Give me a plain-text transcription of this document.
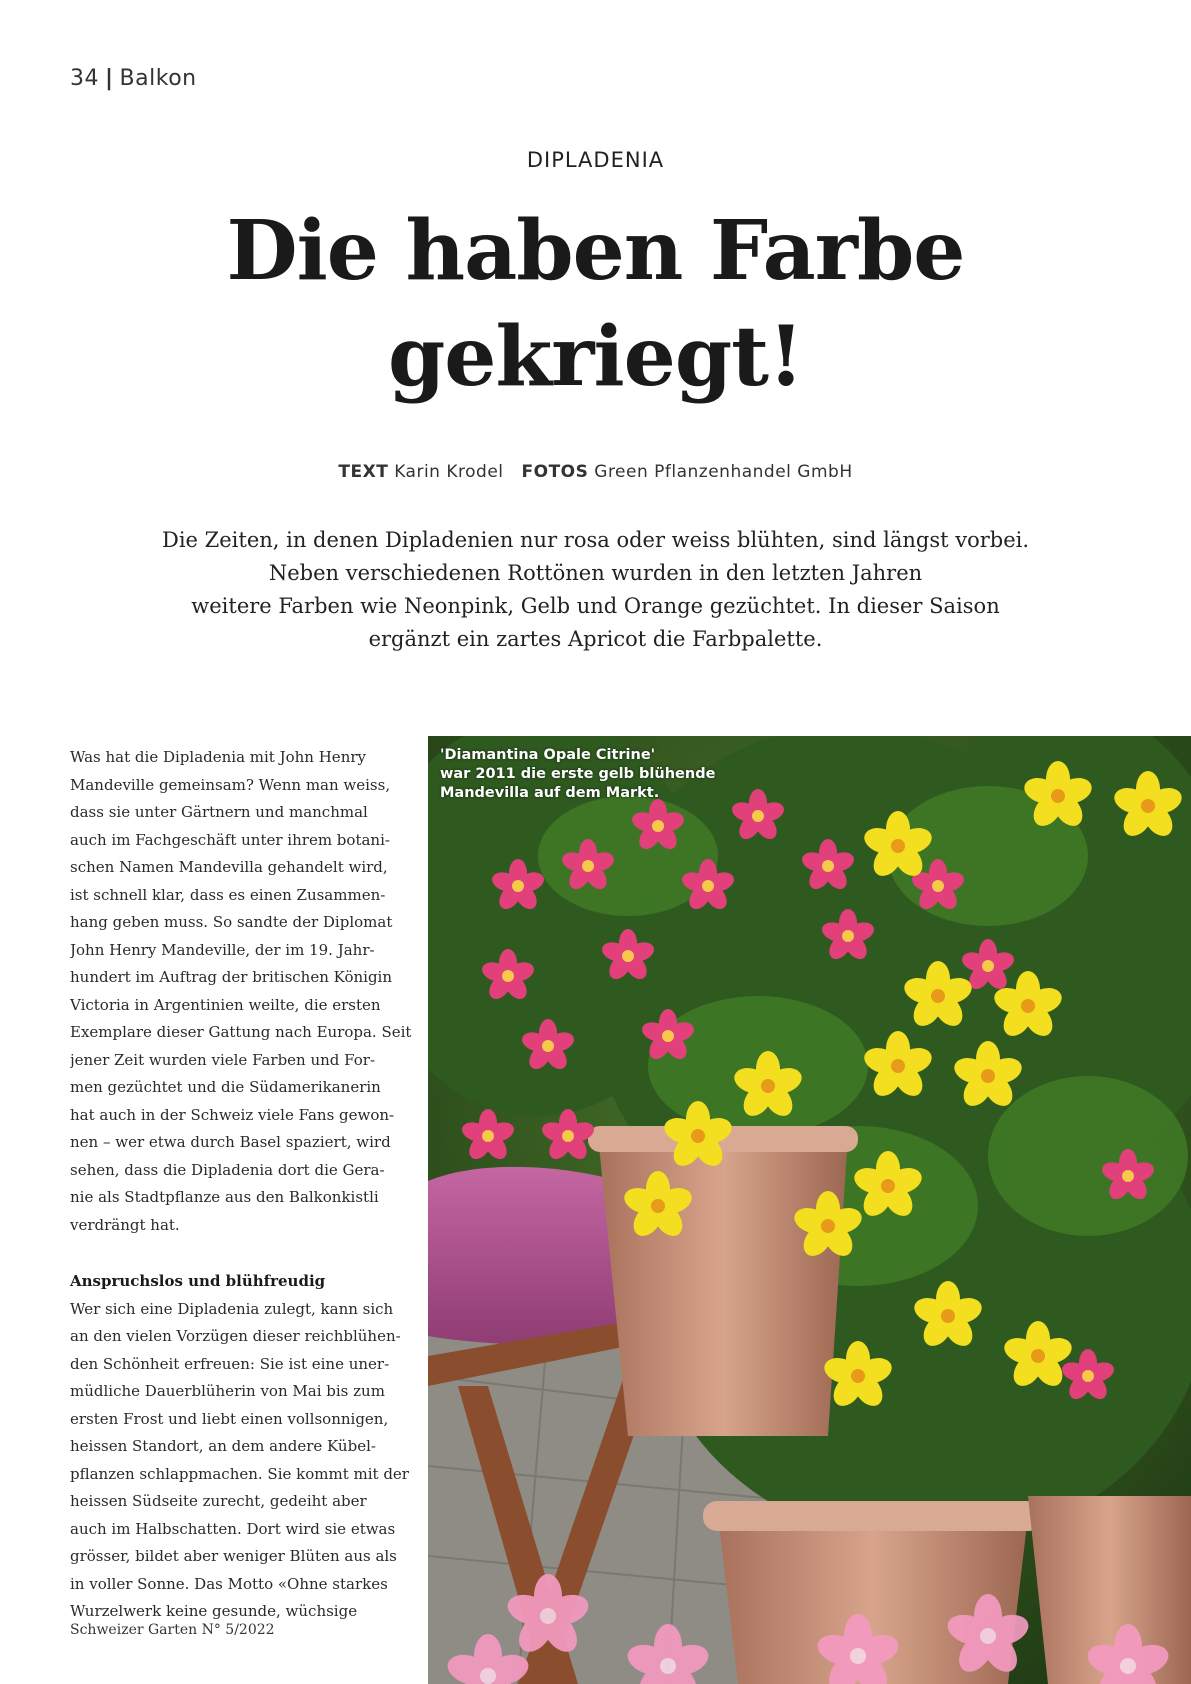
34 | Balkon
DIPLADENIA
Die haben Farbe
gekriegt!
TEXT Karin Krodel FOTOS Green Pflanzenhandel GmbH

Die Zeiten, in denen Dipladenien nur rosa oder weiss blühten, sind längst vorbei.
Neben verschiedenen Rottönen wurden in den letzten Jahren
weitere Farben wie Neonpink, Gelb und Orange gezüchtet. In dieser Saison
ergänzt ein zartes Apricot die Farbpalette.

Was hat die Dipladenia mit John Henry
Mandeville gemeinsam? Wenn man weiss,
dass sie unter Gärtnern und manchmal
auch im Fachgeschäft unter ihrem botani-
schen Namen Mandevilla gehandelt wird,
ist schnell klar, dass es einen Zusammen-
hang geben muss. So sandte der Diplomat
John Henry Mandeville, der im 19. Jahr-
hundert im Auftrag der britischen Königin
Victoria in Argentinien weilte, die ersten
Exemplare dieser Gattung nach Europa. Seit
jener Zeit wurden viele Farben und For-
men gezüchtet und die Südamerikanerin
hat auch in der Schweiz viele Fans gewon-
nen – wer etwa durch Basel spaziert, wird
sehen, dass die Dipladenia dort die Gera-
nie als Stadtpflanze aus den Balkonkistli
verdrängt hat.

Anspruchslos und blühfreudig

Wer sich eine Dipladenia zulegt, kann sich
an den vielen Vorzügen dieser reichblühen-
den Schönheit erfreuen: Sie ist eine uner-
müdliche Dauerblüherin von Mai bis zum
ersten Frost und liebt einen vollsonnigen,
heissen Standort, an dem andere Kübel-
pflanzen schlappmachen. Sie kommt mit der
heissen Südseite zurecht, gedeiht aber
auch im Halbschatten. Dort wird sie etwas
grösser, bildet aber weniger Blüten aus als
in voller Sonne. Das Motto «Ohne starkes
Wurzelwerk keine gesunde, wüchsige

'Diamantina Opale Citrine'
war 2011 die erste gelb blühende
Mandevilla auf dem Markt.
Schweizer Garten N° 5/2022
